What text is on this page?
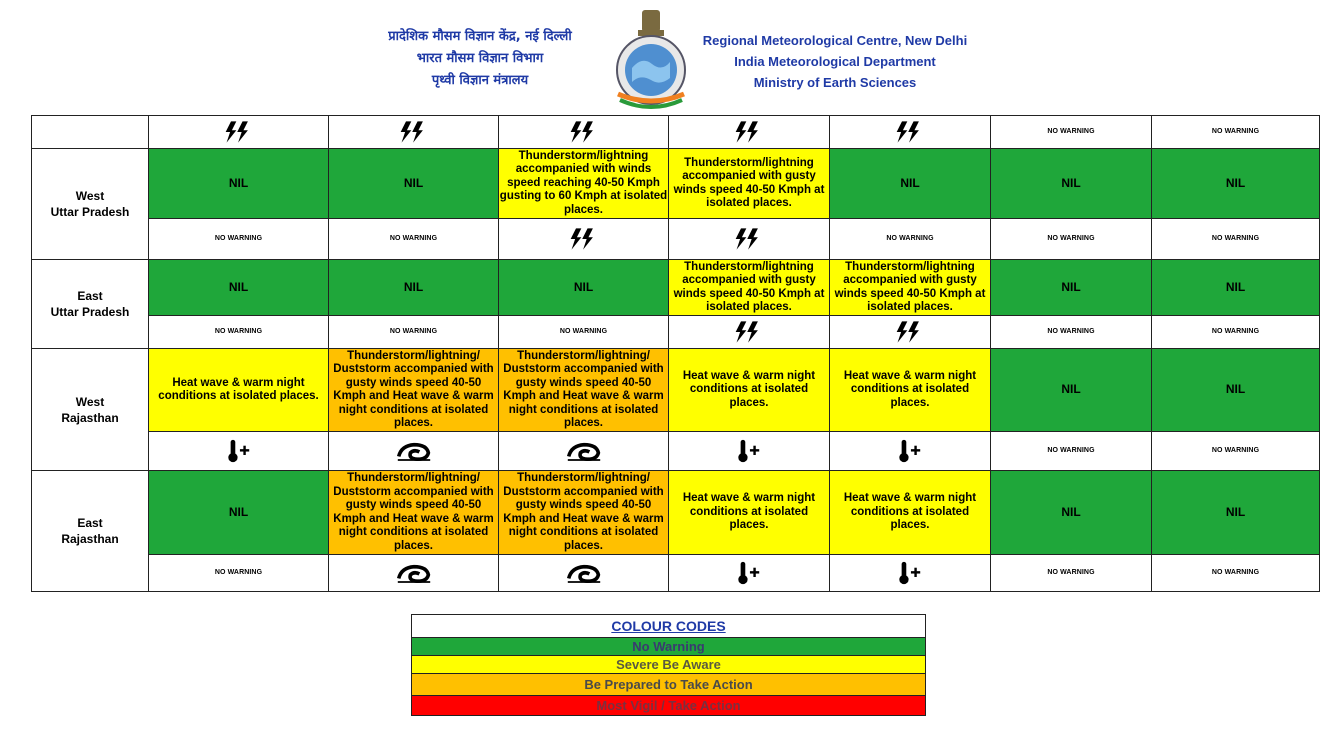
प्रादेशिक मौसम विज्ञान केंद्र, नई दिल्ली
भारत मौसम विज्ञान विभाग
पृथ्वी विज्ञान मंत्रालय
Regional Meteorological Centre, New Delhi
India Meteorological Department
Ministry of Earth Sciences
						NO WARNING	NO WARNING

West
Uttar Pradesh	NIL	NIL	Thunderstorm/lightning accompanied with winds speed reaching 40-50 Kmph gusting to 60 Kmph at isolated places.	Thunderstorm/lightning accompanied with gusty winds speed 40-50 Kmph at isolated places.	NIL	NIL	NIL
	NO WARNING	NO WARNING			NO WARNING	NO WARNING	NO WARNING

East
Uttar Pradesh	NIL	NIL	NIL	Thunderstorm/lightning accompanied with gusty winds speed 40-50 Kmph at isolated places.	Thunderstorm/lightning accompanied with gusty winds speed 40-50 Kmph at isolated places.	NIL	NIL
	NO WARNING	NO WARNING	NO WARNING			NO WARNING	NO WARNING

West
Rajasthan	Heat wave & warm night conditions at isolated places.	Thunderstorm/lightning/ Duststorm accompanied with gusty winds speed 40-50 Kmph and Heat wave & warm night conditions at isolated places.	Thunderstorm/lightning/ Duststorm accompanied with gusty winds speed 40-50 Kmph and Heat wave & warm night conditions at isolated places.	Heat wave & warm night conditions at isolated places.	Heat wave & warm night conditions at isolated places.	NIL	NIL
					NO WARNING	NO WARNING

East
Rajasthan	NIL	Thunderstorm/lightning/ Duststorm accompanied with gusty winds speed 40-50 Kmph and Heat wave & warm night conditions at isolated places.	Thunderstorm/lightning/ Duststorm accompanied with gusty winds speed 40-50 Kmph and Heat wave & warm night conditions at isolated places.	Heat wave & warm night conditions at isolated places.	Heat wave & warm night conditions at isolated places.	NIL	NIL
	NO WARNING					NO WARNING	NO WARNING
COLOUR CODES
No Warning
Severe Be Aware
Be Prepared to Take Action
Most Vigil / Take Action
